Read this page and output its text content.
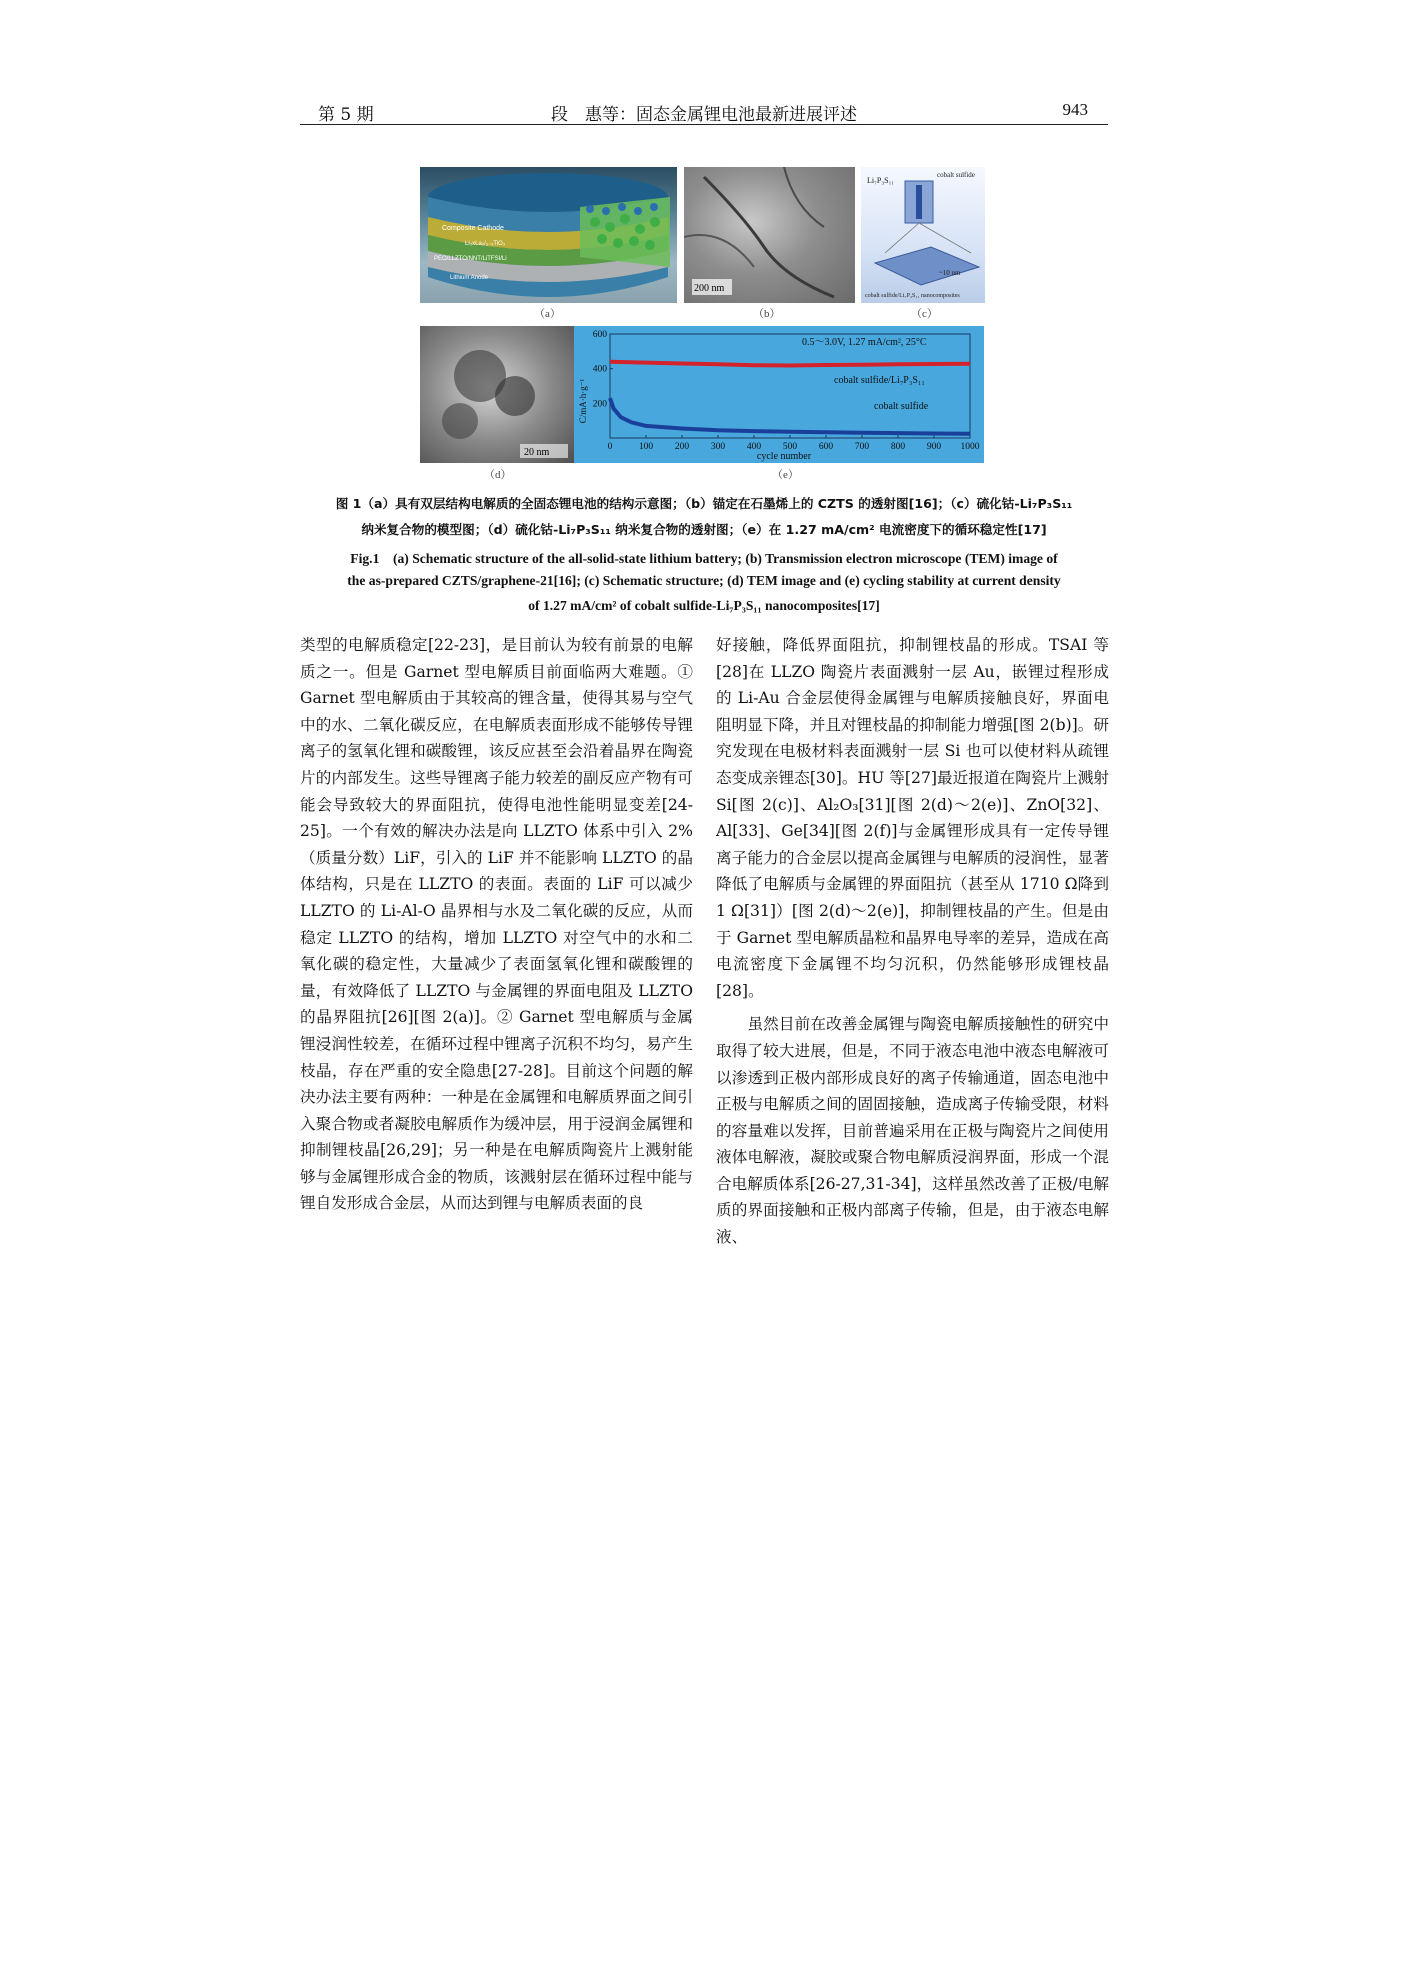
第 5 期	段　惠等：固态金属锂电池最新进展评述	943
Composite Cathode
Li₃xLa₂/₃₋ₓTiO₃
PEO/LLZTO/NNT/LiTFSI/Li
Lithium Anode
（a）
200 nm
（b）
Li₇P₃S₁₁
cobalt sulfide
~10 nm
cobalt sulfide/Li₇P₃S₁₁ nanocomposites
（c）
20 nm
（d）
0	100 200 300 400 500 600 700 800 900 1000
200
400
600
0.5～3.0V, 1.27 mA/cm², 25°C
cobalt sulfide/Li₇P₃S₁₁
cobalt sulfide
cycle number
C/mA·h·g⁻¹
（e）
图 1（a）具有双层结构电解质的全固态锂电池的结构示意图；（b）锚定在石墨烯上的 CZTS 的透射图[16]；（c）硫化钴-Li₇P₃S₁₁
纳米复合物的模型图；（d）硫化钴-Li₇P₃S₁₁ 纳米复合物的透射图；（e）在 1.27 mA/cm² 电流密度下的循环稳定性[17]
Fig.1　(a) Schematic structure of the all-solid-state lithium battery; (b) Transmission electron microscope (TEM) image of
the as-prepared CZTS/graphene-21[16]; (c) Schematic structure; (d) TEM image and (e) cycling stability at current density
of 1.27 mA/cm² of cobalt sulfide-Li₇P₃S₁₁ nanocomposites[17]

类型的电解质稳定[22-23]，是目前认为较有前景的电解质之一。但是 Garnet 型电解质目前面临两大难题。① Garnet 型电解质由于其较高的锂含量，使得其易与空气中的水、二氧化碳反应，在电解质表面形成不能够传导锂离子的氢氧化锂和碳酸锂，该反应甚至会沿着晶界在陶瓷片的内部发生。这些导锂离子能力较差的副反应产物有可能会导致较大的界面阻抗，使得电池性能明显变差[24-25]。一个有效的解决办法是向 LLZTO 体系中引入 2%（质量分数）LiF，引入的 LiF 并不能影响 LLZTO 的晶体结构，只是在 LLZTO 的表面。表面的 LiF 可以减少 LLZTO 的 Li-Al-O 晶界相与水及二氧化碳的反应，从而稳定 LLZTO 的结构，增加 LLZTO 对空气中的水和二氧化碳的稳定性，大量减少了表面氢氧化锂和碳酸锂的量，有效降低了 LLZTO 与金属锂的界面电阻及 LLZTO 的晶界阻抗[26][图 2(a)]。② Garnet 型电解质与金属锂浸润性较差，在循环过程中锂离子沉积不均匀，易产生枝晶，存在严重的安全隐患[27-28]。目前这个问题的解决办法主要有两种：一种是在金属锂和电解质界面之间引入聚合物或者凝胶电解质作为缓冲层，用于浸润金属锂和抑制锂枝晶[26,29]；另一种是在电解质陶瓷片上溅射能够与金属锂形成合金的物质，该溅射层在循环过程中能与锂自发形成合金层，从而达到锂与电解质表面的良

好接触，降低界面阻抗，抑制锂枝晶的形成。TSAI 等[28]在 LLZO 陶瓷片表面溅射一层 Au，嵌锂过程形成的 Li-Au 合金层使得金属锂与电解质接触良好，界面电阻明显下降，并且对锂枝晶的抑制能力增强[图 2(b)]。研究发现在电极材料表面溅射一层 Si 也可以使材料从疏锂态变成亲锂态[30]。HU 等[27]最近报道在陶瓷片上溅射 Si[图 2(c)]、Al₂O₃[31][图 2(d)～2(e)]、ZnO[32]、Al[33]、Ge[34][图 2(f)]与金属锂形成具有一定传导锂离子能力的合金层以提高金属锂与电解质的浸润性，显著降低了电解质与金属锂的界面阻抗（甚至从 1710 Ω降到 1 Ω[31]）[图 2(d)～2(e)]，抑制锂枝晶的产生。但是由于 Garnet 型电解质晶粒和晶界电导率的差异，造成在高电流密度下金属锂不均匀沉积，仍然能够形成锂枝晶[28]。

　　虽然目前在改善金属锂与陶瓷电解质接触性的研究中取得了较大进展，但是，不同于液态电池中液态电解液可以渗透到正极内部形成良好的离子传输通道，固态电池中正极与电解质之间的固固接触，造成离子传输受限，材料的容量难以发挥，目前普遍采用在正极与陶瓷片之间使用液体电解液，凝胶或聚合物电解质浸润界面，形成一个混合电解质体系[26-27,31-34]，这样虽然改善了正极/电解质的界面接触和正极内部离子传输，但是，由于液态电解液、
